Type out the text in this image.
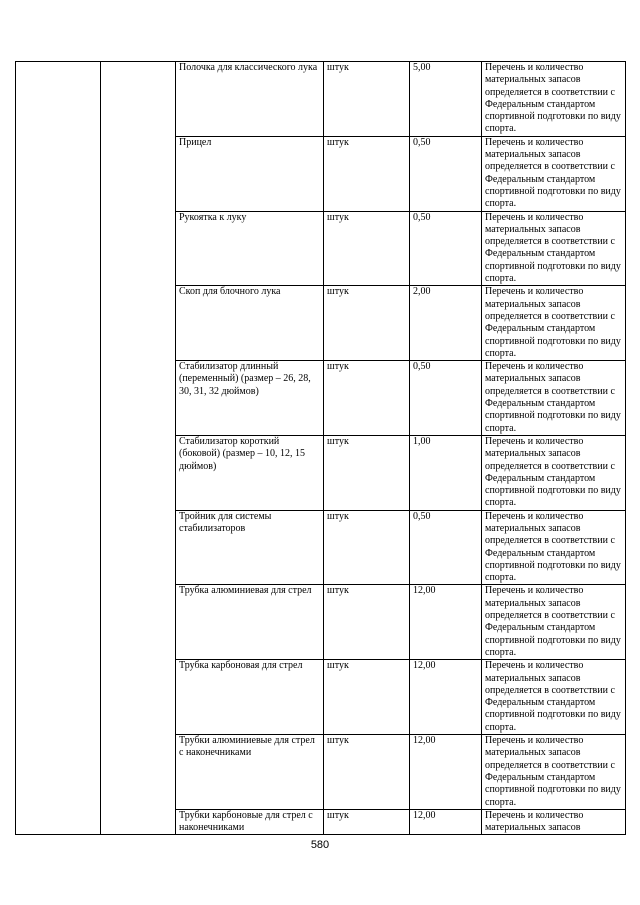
		Полочка для классического лука	штук	5,00	Перечень и количество материальных запасов определяется в соответствии с Федеральным стандартом спортивной подготовки по виду спорта.
		Прицел	штук	0,50	Перечень и количество материальных запасов определяется в соответствии с Федеральным стандартом спортивной подготовки по виду спорта.
		Рукоятка к луку	штук	0,50	Перечень и количество материальных запасов определяется в соответствии с Федеральным стандартом спортивной подготовки по виду спорта.
		Скоп для блочного лука	штук	2,00	Перечень и количество материальных запасов определяется в соответствии с Федеральным стандартом спортивной подготовки по виду спорта.
		Стабилизатор длинный (переменный) (размер – 26, 28, 30, 31, 32 дюймов)	штук	0,50	Перечень и количество материальных запасов определяется в соответствии с Федеральным стандартом спортивной подготовки по виду спорта.
		Стабилизатор короткий (боковой) (размер – 10, 12, 15 дюймов)	штук	1,00	Перечень и количество материальных запасов определяется в соответствии с Федеральным стандартом спортивной подготовки по виду спорта.
		Тройник для системы стабилизаторов	штук	0,50	Перечень и количество материальных запасов определяется в соответствии с Федеральным стандартом спортивной подготовки по виду спорта.
		Трубка алюминиевая для стрел	штук	12,00	Перечень и количество материальных запасов определяется в соответствии с Федеральным стандартом спортивной подготовки по виду спорта.
		Трубка карбоновая для стрел	штук	12,00	Перечень и количество материальных запасов определяется в соответствии с Федеральным стандартом спортивной подготовки по виду спорта.
		Трубки алюминиевые для стрел с наконечниками	штук	12,00	Перечень и количество материальных запасов определяется в соответствии с Федеральным стандартом спортивной подготовки по виду спорта.
		Трубки карбоновые для стрел с наконечниками	штук	12,00	Перечень и количество материальных запасов
580
